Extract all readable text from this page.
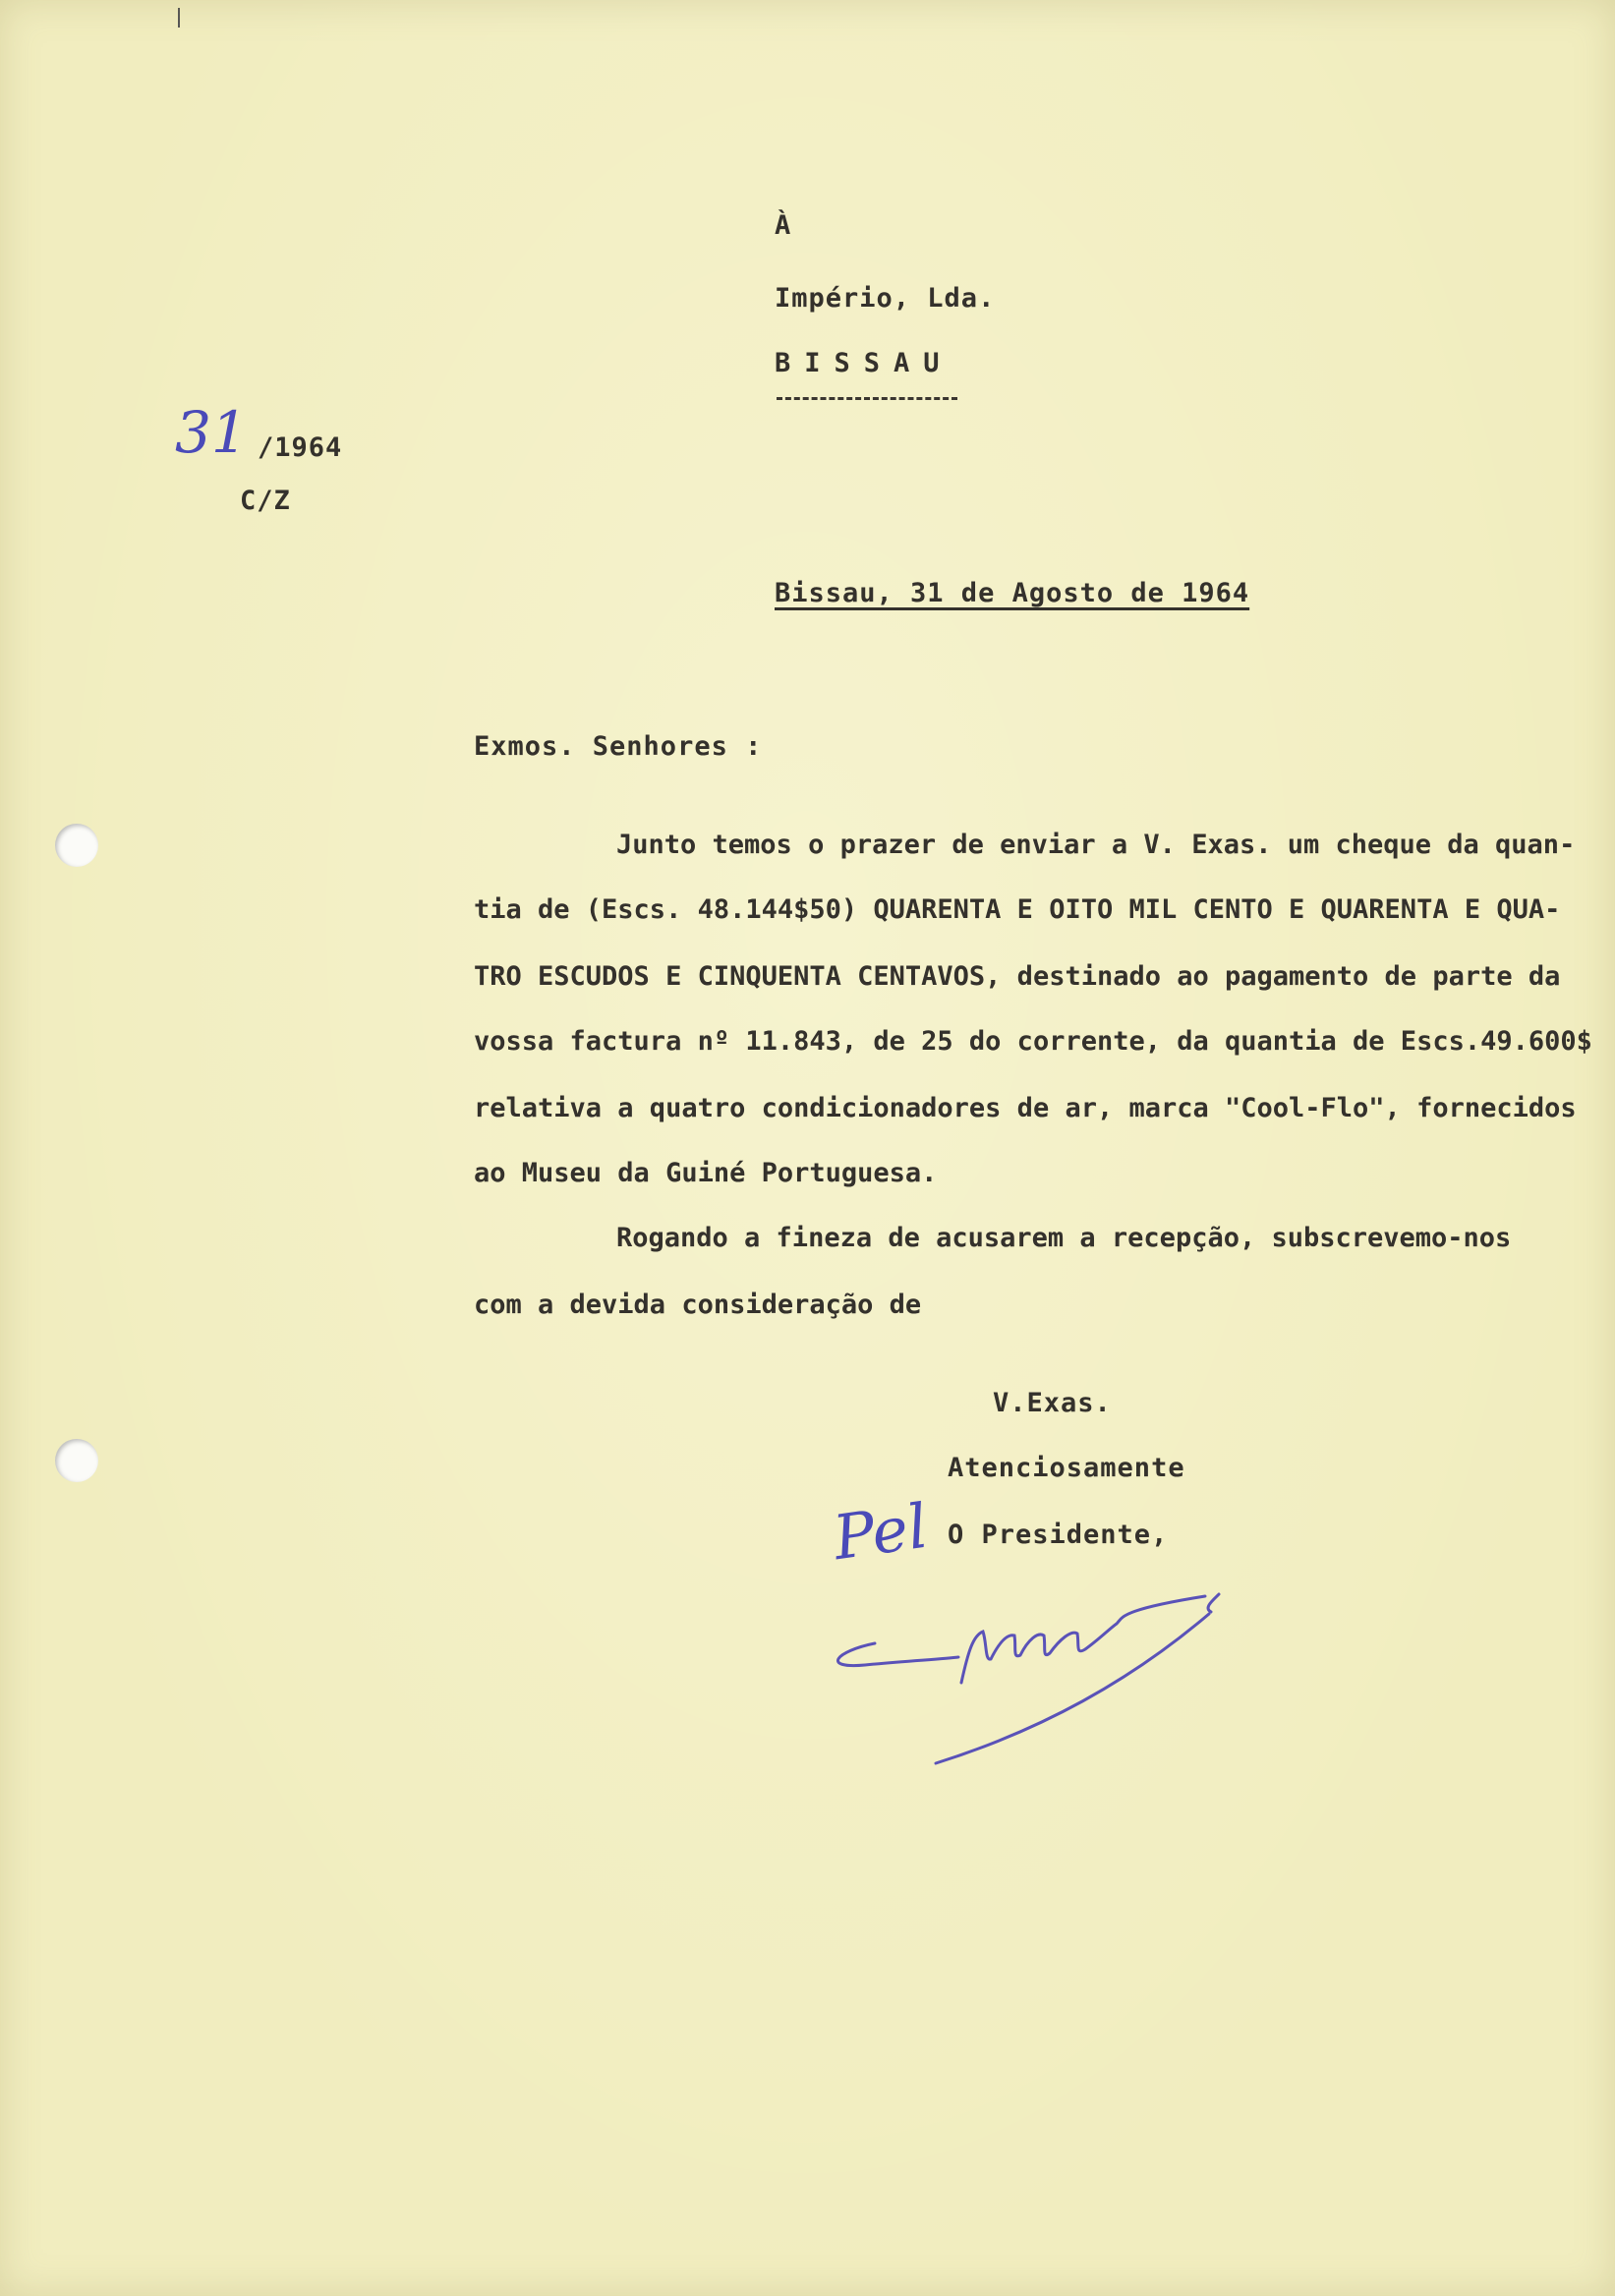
À
Império, Lda.
BISSAU
31 /1964
C/Z
Bissau, 31 de Agosto de 1964
Exmos. Senhores :
Junto temos o prazer de enviar a V. Exas. um cheque da quan-
tia de (Escs. 48.144$50) QUARENTA E OITO MIL CENTO E QUARENTA E QUA-
TRO ESCUDOS E CINQUENTA CENTAVOS, destinado ao pagamento de parte da
vossa factura nº 11.843, de 25 do corrente, da quantia de Escs.49.600$
relativa a quatro condicionadores de ar, marca "Cool-Flo", fornecidos
ao Museu da Guiné Portuguesa.
Rogando a fineza de acusarem a recepção, subscrevemo-nos
com a devida consideração de
V.Exas.
Atenciosamente
O Presidente,
Pel
